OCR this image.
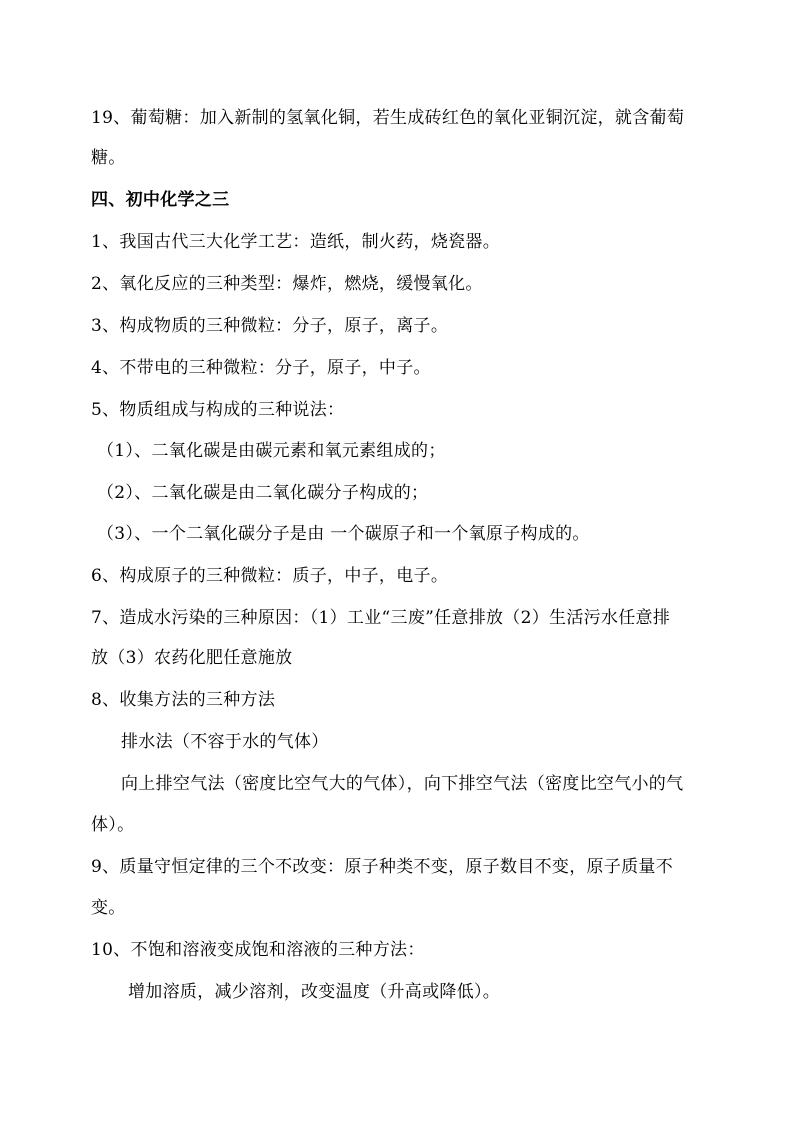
19、葡萄糖：加入新制的氢氧化铜，若生成砖红色的氧化亚铜沉淀，就含葡萄
糖。
四、初中化学之三
1、我国古代三大化学工艺：造纸，制火药，烧瓷器。
2、氧化反应的三种类型：爆炸，燃烧，缓慢氧化。
3、构成物质的三种微粒：分子，原子，离子。
4、不带电的三种微粒：分子，原子，中子。
5、物质组成与构成的三种说法：
（1）、二氧化碳是由碳元素和氧元素组成的；
（2）、二氧化碳是由二氧化碳分子构成的；
（3）、一个二氧化碳分子是由 一个碳原子和一个氧原子构成的。
6、构成原子的三种微粒：质子，中子，电子。
7、造成水污染的三种原因：（1）工业“三废”任意排放（2）生活污水任意排
放（3）农药化肥任意施放
8、收集方法的三种方法
排水法（不容于水的气体）
向上排空气法（密度比空气大的气体），向下排空气法（密度比空气小的气
体）。
9、质量守恒定律的三个不改变：原子种类不变，原子数目不变，原子质量不
变。
10、不饱和溶液变成饱和溶液的三种方法：
增加溶质，减少溶剂，改变温度（升高或降低）。
